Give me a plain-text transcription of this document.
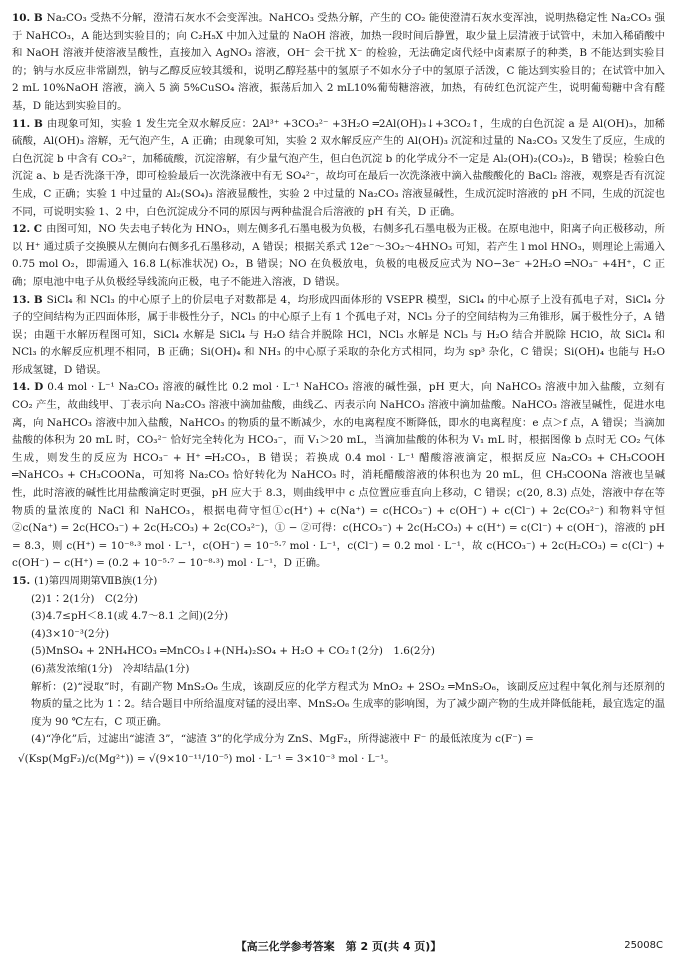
10. B Na₂CO₃ 受热不分解，澄清石灰水不会变浑浊。NaHCO₃ 受热分解，产生的 CO₂ 能使澄清石灰水变浑浊，说明热稳定性 Na₂CO₃ 强于 NaHCO₃，A 能达到实验目的；向 C₂H₅X 中加入过量的 NaOH 溶液，加热一段时间后静置，取少量上层清液于试管中，未加入稀硝酸中和 NaOH 溶液并使溶液呈酸性，直接加入 AgNO₃ 溶液，OH⁻ 会干扰 X⁻ 的检验，无法确定卤代烃中卤素原子的种类，B 不能达到实验目的；钠与水反应非常剧烈，钠与乙醇反应较其缓和，说明乙醇羟基中的氢原子不如水分子中的氢原子活泼，C 能达到实验目的；在试管中加入 2 mL 10%NaOH 溶液，滴入 5 滴 5%CuSO₄ 溶液，振荡后加入 2 mL10%葡萄糖溶液，加热，有砖红色沉淀产生，说明葡萄糖中含有醛基，D 能达到实验目的。

11. B 由现象可知，实验 1 发生完全双水解反应：2Al³⁺ +3CO₃²⁻ +3H₂O ═2Al(OH)₃↓+3CO₂↑，生成的白色沉淀 a 是 Al(OH)₃，加稀硫酸，Al(OH)₃ 溶解，无气泡产生，A 正确；由现象可知，实验 2 双水解反应产生的 Al(OH)₃ 沉淀和过量的 Na₂CO₃ 又发生了反应，生成的白色沉淀 b 中含有 CO₃²⁻，加稀硫酸，沉淀溶解，有少量气泡产生，但白色沉淀 b 的化学成分不一定是 Al₂(OH)₂(CO₃)₂，B 错误；检验白色沉淀 a、b 是否洗涤干净，即可检验最后一次洗涤液中有无 SO₄²⁻，故均可在最后一次洗涤液中滴入盐酸酸化的 BaCl₂ 溶液，观察是否有沉淀生成，C 正确；实验 1 中过量的 Al₂(SO₄)₃ 溶液显酸性，实验 2 中过量的 Na₂CO₃ 溶液显碱性，生成沉淀时溶液的 pH 不同，生成的沉淀也不同，可说明实验 1、2 中，白色沉淀成分不同的原因与两种盐混合后溶液的 pH 有关，D 正确。

12. C 由图可知，NO 失去电子转化为 HNO₃，则左侧多孔石墨电极为负极，右侧多孔石墨电极为正极。在原电池中，阳离子向正极移动，所以 H⁺ 通过质子交换膜从左侧向右侧多孔石墨移动，A 错误；根据关系式 12e⁻～3O₂～4HNO₃ 可知，若产生 l mol HNO₃，则理论上需通入 0.75 mol O₂，即需通入 16.8 L(标准状况) O₂，B 错误；NO 在负极放电，负极的电极反应式为 NO−3e⁻ +2H₂O ═NO₃⁻ +4H⁺，C 正确；原电池中电子从负极经导线流向正极，电子不能进入溶液，D 错误。

13. B SiCl₄ 和 NCl₃ 的中心原子上的价层电子对数都是 4，均形成四面体形的 VSEPR 模型，SiCl₄ 的中心原子上没有孤电子对，SiCl₄ 分子的空间结构为正四面体形，属于非极性分子，NCl₃ 的中心原子上有 1 个孤电子对，NCl₃ 分子的空间结构为三角锥形，属于极性分子，A 错误；由题干水解历程图可知，SiCl₄ 水解是 SiCl₄ 与 H₂O 结合并脱除 HCl，NCl₃ 水解是 NCl₃ 与 H₂O 结合并脱除 HClO，故 SiCl₄ 和 NCl₃ 的水解反应机理不相同，B 正确；Si(OH)₄ 和 NH₃ 的中心原子采取的杂化方式相同，均为 sp³ 杂化，C 错误；Si(OH)₄ 也能与 H₂O 形成氢键，D 错误。

14. D 0.4 mol · L⁻¹ Na₂CO₃ 溶液的碱性比 0.2 mol · L⁻¹ NaHCO₃ 溶液的碱性强，pH 更大，向 NaHCO₃ 溶液中加入盐酸，立刻有 CO₂ 产生，故曲线甲、丁表示向 Na₂CO₃ 溶液中滴加盐酸，曲线乙、丙表示向 NaHCO₃ 溶液中滴加盐酸。NaHCO₃ 溶液呈碱性，促进水电离，向 NaHCO₃ 溶液中加入盐酸，NaHCO₃ 的物质的量不断减少，水的电离程度不断降低，即水的电离程度：e 点＞f 点，A 错误；当滴加盐酸的体积为 20 mL 时，CO₃²⁻ 恰好完全转化为 HCO₃⁻，而 V₁＞20 mL，当滴加盐酸的体积为 V₁ mL 时，根据图像 b 点时无 CO₂ 气体生成，则发生的反应为 HCO₃⁻ + H⁺ ═H₂CO₃，B 错误；若换成 0.4 mol · L⁻¹ 醋酸溶液滴定，根据反应 Na₂CO₃ + CH₃COOH ═NaHCO₃ + CH₃COONa，可知将 Na₂CO₃ 恰好转化为 NaHCO₃ 时，消耗醋酸溶液的体积也为 20 mL，但 CH₃COONa 溶液也呈碱性，此时溶液的碱性比用盐酸滴定时更强，pH 应大于 8.3，则曲线甲中 c 点位置应垂直向上移动，C 错误；c(20, 8.3) 点处，溶液中存在等物质的量浓度的 NaCl 和 NaHCO₃，根据电荷守恒①c(H⁺) + c(Na⁺) = c(HCO₃⁻) + c(OH⁻) + c(Cl⁻) + 2c(CO₃²⁻) 和物料守恒②c(Na⁺) = 2c(HCO₃⁻) + 2c(H₂CO₃) + 2c(CO₃²⁻)，① − ②可得：c(HCO₃⁻) + 2c(H₂CO₃) + c(H⁺) = c(Cl⁻) + c(OH⁻)，溶液的 pH = 8.3，则 c(H⁺) = 10⁻⁸·³ mol · L⁻¹，c(OH⁻) = 10⁻⁵·⁷ mol · L⁻¹，c(Cl⁻) = 0.2 mol · L⁻¹，故 c(HCO₃⁻) + 2c(H₂CO₃) = c(Cl⁻) + c(OH⁻) − c(H⁺) = (0.2 + 10⁻⁵·⁷ − 10⁻⁸·³) mol · L⁻¹，D 正确。

15. (1)第四周期第ⅦB族(1分)

(2)1∶2(1分)　C(2分)

(3)4.7≤pH＜8.1(或 4.7～8.1 之间)(2分)

(4)3×10⁻³(2分)

(5)MnSO₄ + 2NH₄HCO₃ ═MnCO₃↓+(NH₄)₂SO₄ + H₂O + CO₂↑(2分)　1.6(2分)

(6)蒸发浓缩(1分)　冷却结晶(1分)

解析：(2)“浸取”时，有副产物 MnS₂O₆ 生成，该副反应的化学方程式为 MnO₂ + 2SO₂ ═MnS₂O₆，该副反应过程中氧化剂与还原剂的物质的量之比为 1∶2。结合题目中所给温度对锰的浸出率、MnS₂O₆ 生成率的影响图，为了减少副产物的生成并降低能耗，最宜选定的温度为 90 ℃左右，C 项正确。

(4)“净化”后，过滤出“滤渣 3”，“滤渣 3”的化学成分为 ZnS、MgF₂，所得滤液中 F⁻ 的最低浓度为 c(F⁻) =

√(Ksp(MgF₂)/c(Mg²⁺)) = √(9×10⁻¹¹/10⁻⁵) mol · L⁻¹ = 3×10⁻³ mol · L⁻¹。
【高三化学参考答案　第 2 页(共 4 页)】	25008C
